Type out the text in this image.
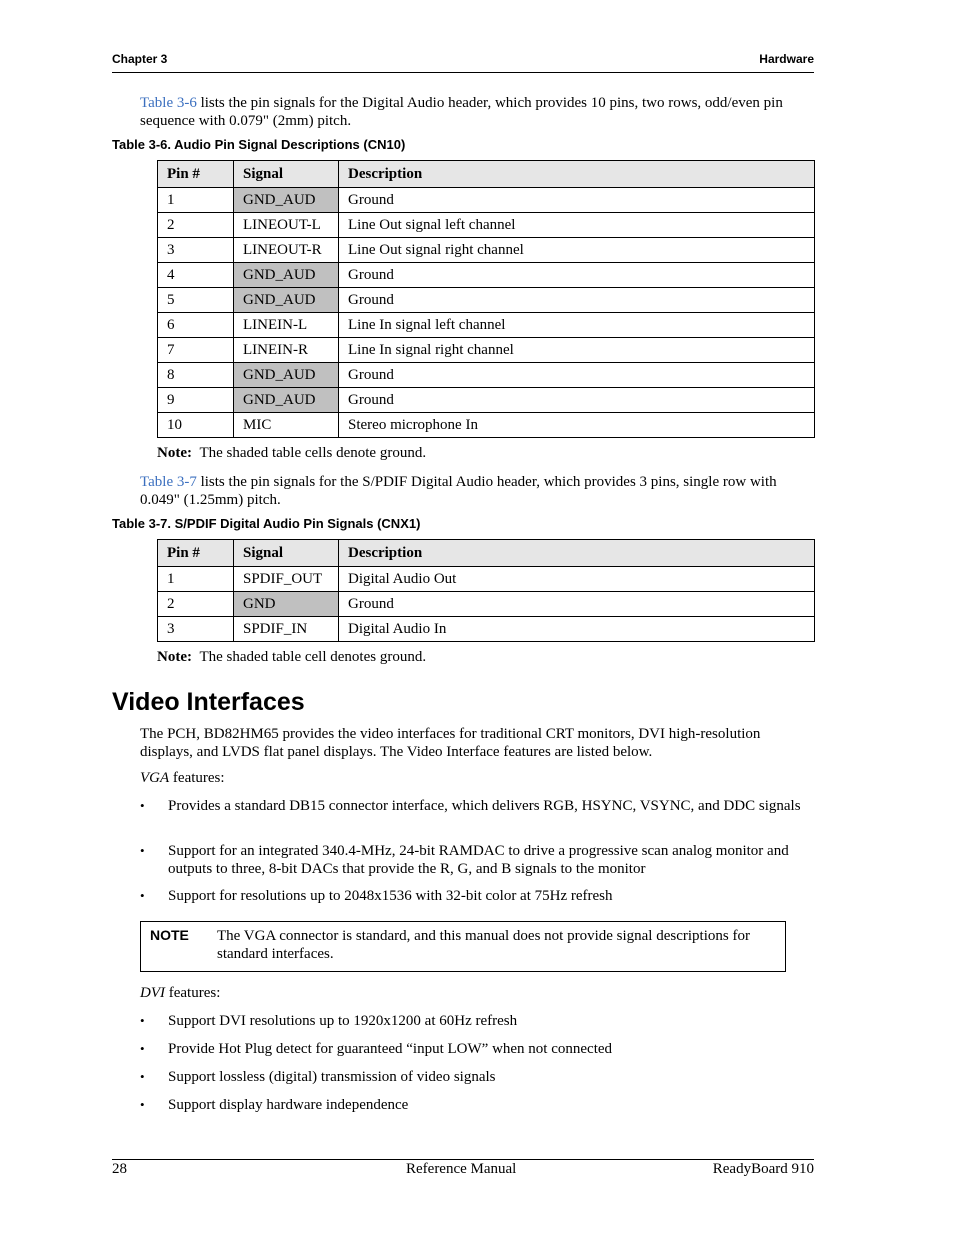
Chapter 3	Hardware
Table 3-6 lists the pin signals for the Digital Audio header, which provides 10 pins, two rows, odd/even pin sequence with 0.079" (2mm) pitch.
Table 3-6. Audio Pin Signal Descriptions (CN10)
Pin #	Signal	Description
1	GND_AUD	Ground
2	LINEOUT-L	Line Out signal left channel
3	LINEOUT-R	Line Out signal right channel
4	GND_AUD	Ground
5	GND_AUD	Ground
6	LINEIN-L	Line In signal left channel
7	LINEIN-R	Line In signal right channel
8	GND_AUD	Ground
9	GND_AUD	Ground
10	MIC	Stereo microphone In
Note: The shaded table cells denote ground.
Table 3-7 lists the pin signals for the S/PDIF Digital Audio header, which provides 3 pins, single row with 0.049" (1.25mm) pitch.
Table 3-7. S/PDIF Digital Audio Pin Signals (CNX1)
Pin #	Signal	Description
1	SPDIF_OUT	Digital Audio Out
2	GND	Ground
3	SPDIF_IN	Digital Audio In
Note: The shaded table cell denotes ground.
Video Interfaces
The PCH, BD82HM65 provides the video interfaces for traditional CRT monitors, DVI high-resolution displays, and LVDS flat panel displays. The Video Interface features are listed below.
VGA features:
•	Provides a standard DB15 connector interface, which delivers RGB, HSYNC, VSYNC, and DDC signals
•	Support for an integrated 340.4-MHz, 24-bit RAMDAC to drive a progressive scan analog monitor and outputs to three, 8-bit DACs that provide the R, G, and B signals to the monitor
•	Support for resolutions up to 2048x1536 with 32-bit color at 75Hz refresh
NOTE The VGA connector is standard, and this manual does not provide signal descriptions for standard interfaces.
DVI features:
•	Support DVI resolutions up to 1920x1200 at 60Hz refresh
•	Provide Hot Plug detect for guaranteed “input LOW” when not connected
•	Support lossless (digital) transmission of video signals
•	Support display hardware independence
28	Reference Manual	ReadyBoard 910
